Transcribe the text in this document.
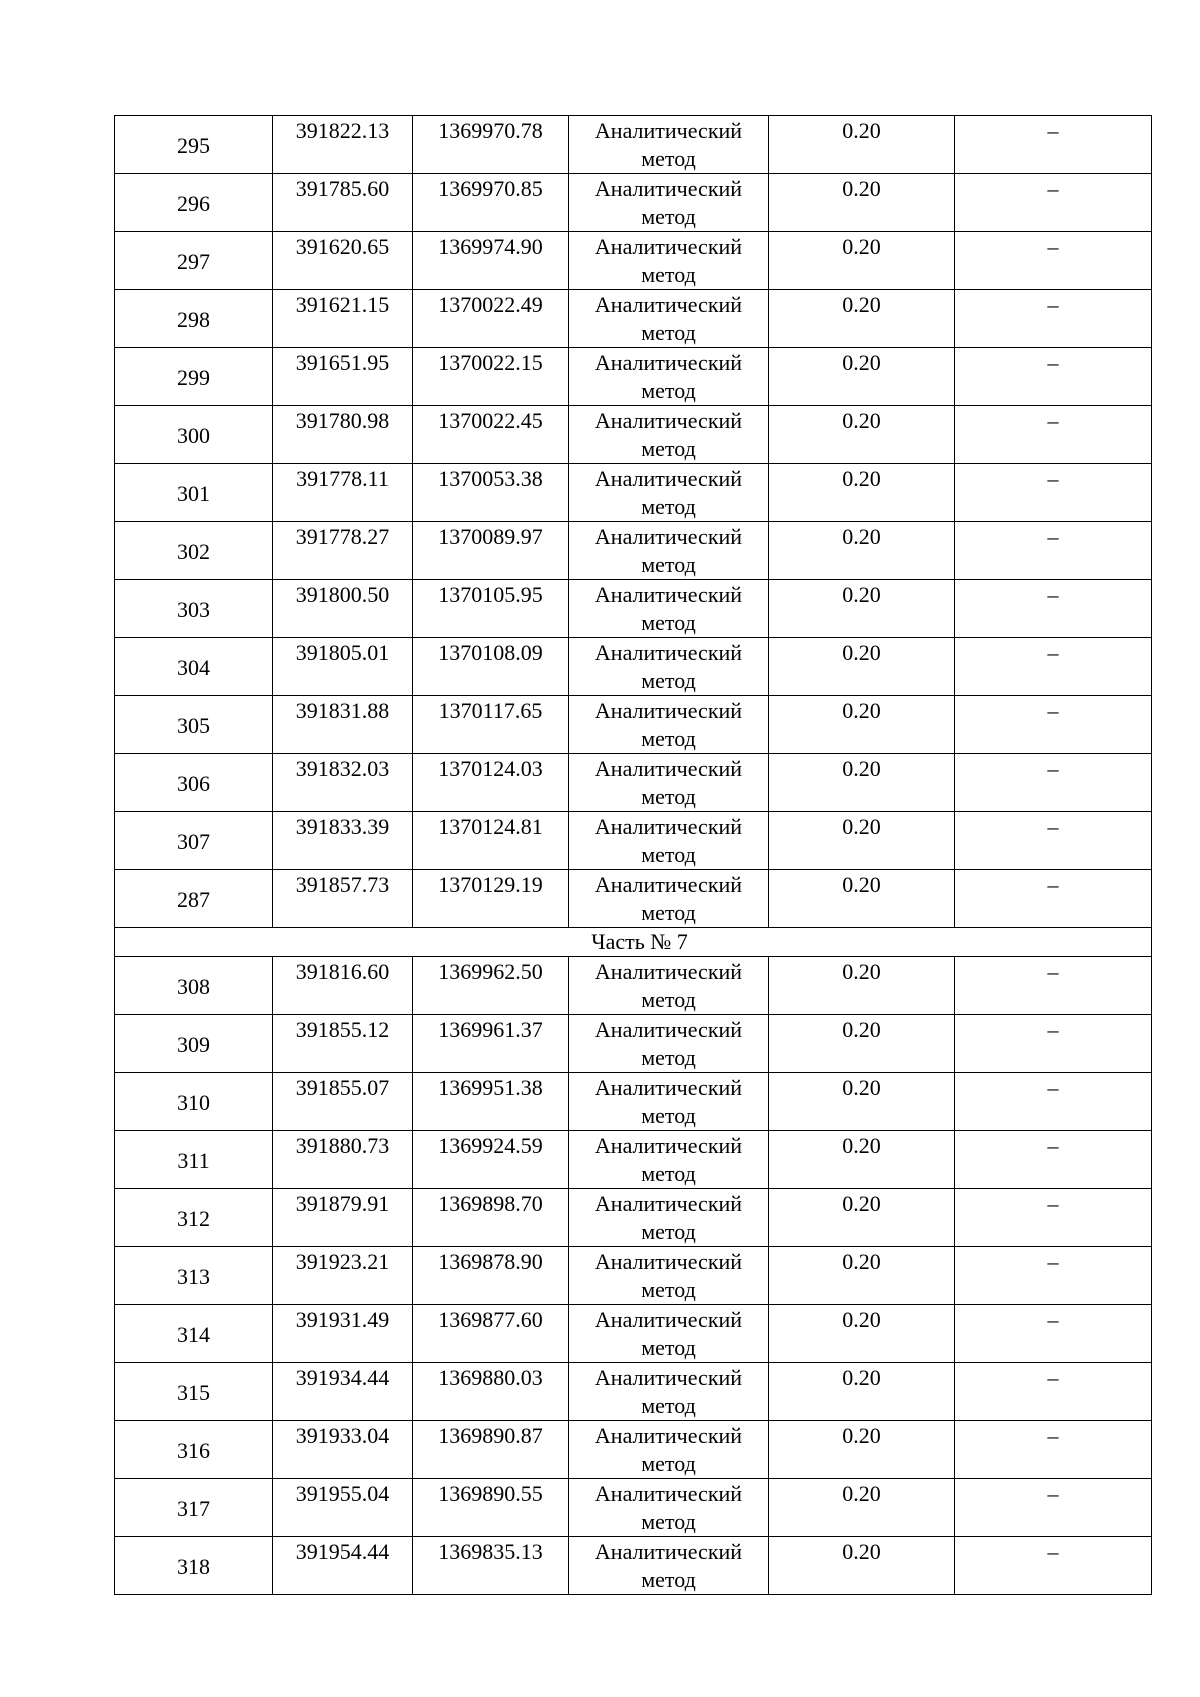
295	391822.13	1369970.78	Аналитический метод	0.20	–
296	391785.60	1369970.85	Аналитический метод	0.20	–
297	391620.65	1369974.90	Аналитический метод	0.20	–
298	391621.15	1370022.49	Аналитический метод	0.20	–
299	391651.95	1370022.15	Аналитический метод	0.20	–
300	391780.98	1370022.45	Аналитический метод	0.20	–
301	391778.11	1370053.38	Аналитический метод	0.20	–
302	391778.27	1370089.97	Аналитический метод	0.20	–
303	391800.50	1370105.95	Аналитический метод	0.20	–
304	391805.01	1370108.09	Аналитический метод	0.20	–
305	391831.88	1370117.65	Аналитический метод	0.20	–
306	391832.03	1370124.03	Аналитический метод	0.20	–
307	391833.39	1370124.81	Аналитический метод	0.20	–
287	391857.73	1370129.19	Аналитический метод	0.20	–
Часть № 7					
308	391816.60	1369962.50	Аналитический метод	0.20	–
309	391855.12	1369961.37	Аналитический метод	0.20	–
310	391855.07	1369951.38	Аналитический метод	0.20	–
311	391880.73	1369924.59	Аналитический метод	0.20	–
312	391879.91	1369898.70	Аналитический метод	0.20	–
313	391923.21	1369878.90	Аналитический метод	0.20	–
314	391931.49	1369877.60	Аналитический метод	0.20	–
315	391934.44	1369880.03	Аналитический метод	0.20	–
316	391933.04	1369890.87	Аналитический метод	0.20	–
317	391955.04	1369890.55	Аналитический метод	0.20	–
318	391954.44	1369835.13	Аналитический метод	0.20	–
